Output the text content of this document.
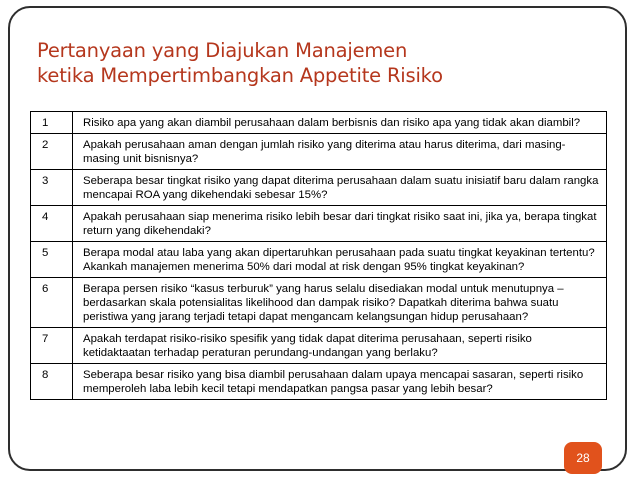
Pertanyaan yang Diajukan Manajemen
ketika Mempertimbangkan Appetite Risiko
1	Risiko apa yang akan diambil perusahaan dalam berbisnis dan risiko apa yang tidak akan diambil?
2	Apakah perusahaan aman dengan jumlah risiko yang diterima atau harus diterima, dari masing-masing unit bisnisnya?
3	Seberapa besar tingkat risiko yang dapat diterima perusahaan dalam suatu inisiatif baru dalam rangka mencapai ROA yang dikehendaki sebesar 15%?
4	Apakah perusahaan siap menerima risiko lebih besar dari tingkat risiko saat ini, jika ya, berapa tingkat return yang dikehendaki?
5	Berapa modal atau laba yang akan dipertaruhkan perusahaan pada suatu tingkat keyakinan tertentu? Akankah manajemen menerima 50% dari modal at risk dengan 95% tingkat keyakinan?
6	Berapa persen risiko “kasus terburuk” yang harus selalu disediakan modal untuk menutupnya – berdasarkan skala potensialitas likelihood dan dampak risiko? Dapatkah diterima bahwa suatu peristiwa yang jarang terjadi tetapi dapat mengancam kelangsungan hidup perusahaan?
7	Apakah terdapat risiko-risiko spesifik yang tidak dapat diterima perusahaan, seperti risiko ketidaktaatan terhadap peraturan perundang-undangan yang berlaku?
8	Seberapa besar risiko yang bisa diambil perusahaan dalam upaya mencapai sasaran, seperti risiko memperoleh laba lebih kecil tetapi mendapatkan pangsa pasar yang lebih besar?
28
